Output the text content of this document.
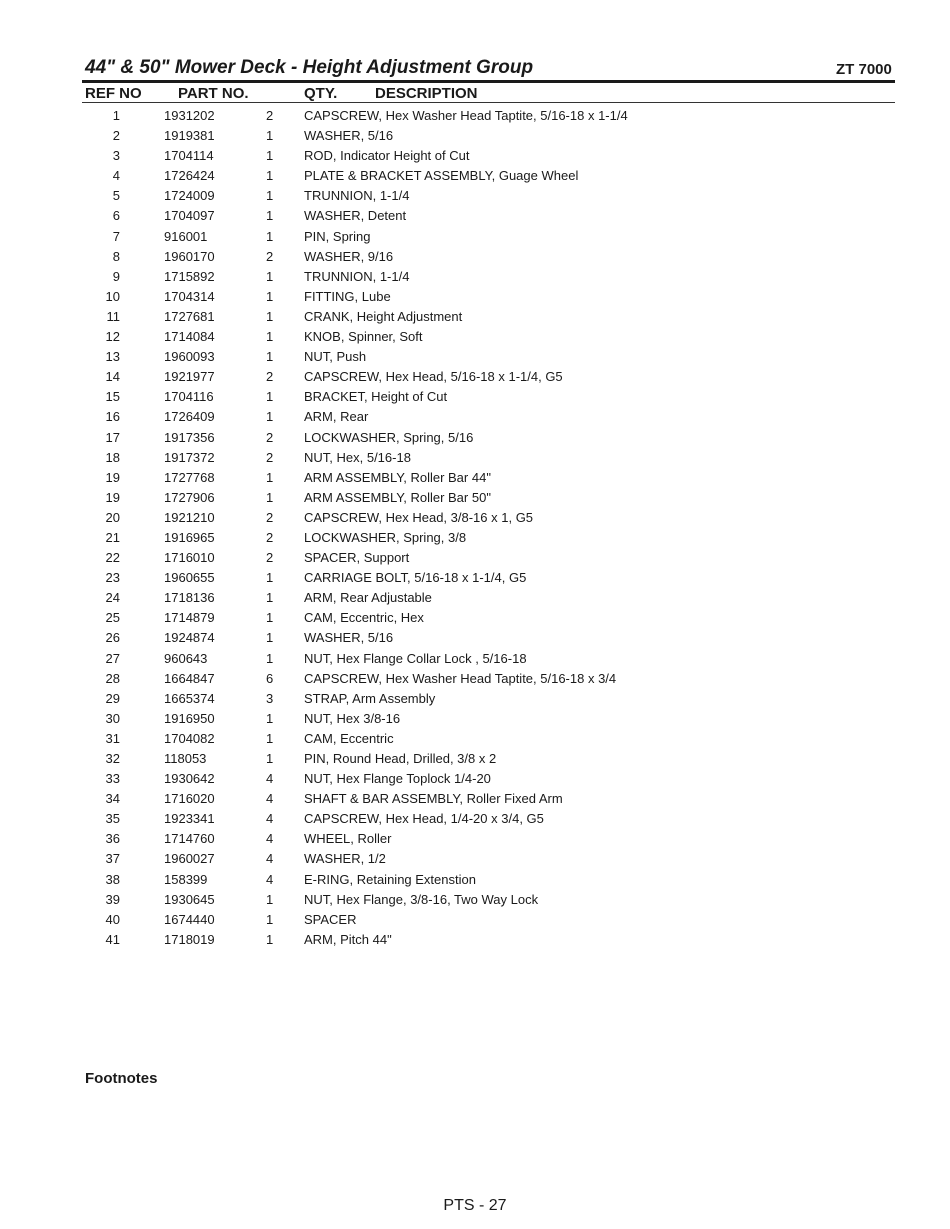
44" & 50" Mower Deck - Height Adjustment Group	ZT 7000
REF NO PART NO.	QTY.	DESCRIPTION
1	1931202	2 CAPSCREW, Hex Washer Head Taptite, 5/16-18 x 1-1/4
2	1919381	1 WASHER, 5/16
3	1704114	1 ROD, Indicator Height of Cut
4	1726424	1 PLATE & BRACKET ASSEMBLY, Guage Wheel
5	1724009	1 TRUNNION, 1-1/4
6	1704097	1 WASHER, Detent
7	916001	1 PIN, Spring
8	1960170	2 WASHER, 9/16
9	1715892	1 TRUNNION, 1-1/4
10	1704314	1 FITTING, Lube
11	1727681	1 CRANK, Height Adjustment
12	1714084	1 KNOB, Spinner, Soft
13	1960093	1 NUT, Push
14	1921977	2 CAPSCREW, Hex Head, 5/16-18 x 1-1/4, G5
15	1704116	1 BRACKET, Height of Cut
16	1726409	1 ARM, Rear
17	1917356	2 LOCKWASHER, Spring, 5/16
18	1917372	2 NUT, Hex, 5/16-18
19	1727768	1 ARM ASSEMBLY, Roller Bar 44"
19	1727906	1 ARM ASSEMBLY, Roller Bar 50"
20	1921210	2 CAPSCREW, Hex Head, 3/8-16 x 1, G5
21	1916965	2 LOCKWASHER, Spring, 3/8
22	1716010	2 SPACER, Support
23	1960655	1 CARRIAGE BOLT, 5/16-18 x 1-1/4, G5
24	1718136	1 ARM, Rear Adjustable
25	1714879	1 CAM, Eccentric, Hex
26	1924874	1 WASHER, 5/16
27	960643	1 NUT, Hex Flange Collar Lock , 5/16-18
28	1664847	6 CAPSCREW, Hex Washer Head Taptite, 5/16-18 x 3/4
29	1665374	3 STRAP, Arm Assembly
30	1916950	1 NUT, Hex 3/8-16
31	1704082	1 CAM, Eccentric
32	118053	1 PIN, Round Head, Drilled, 3/8 x 2
33	1930642	4 NUT, Hex Flange Toplock 1/4-20
34	1716020	4 SHAFT & BAR ASSEMBLY, Roller Fixed Arm
35	1923341	4 CAPSCREW, Hex Head, 1/4-20 x 3/4, G5
36	1714760	4 WHEEL, Roller
37	1960027	4 WASHER, 1/2
38	158399	4 E-RING, Retaining Extenstion
39	1930645	1 NUT, Hex Flange, 3/8-16, Two Way Lock
40	1674440	1 SPACER
41	1718019	1 ARM, Pitch 44"
Footnotes
PTS - 27
